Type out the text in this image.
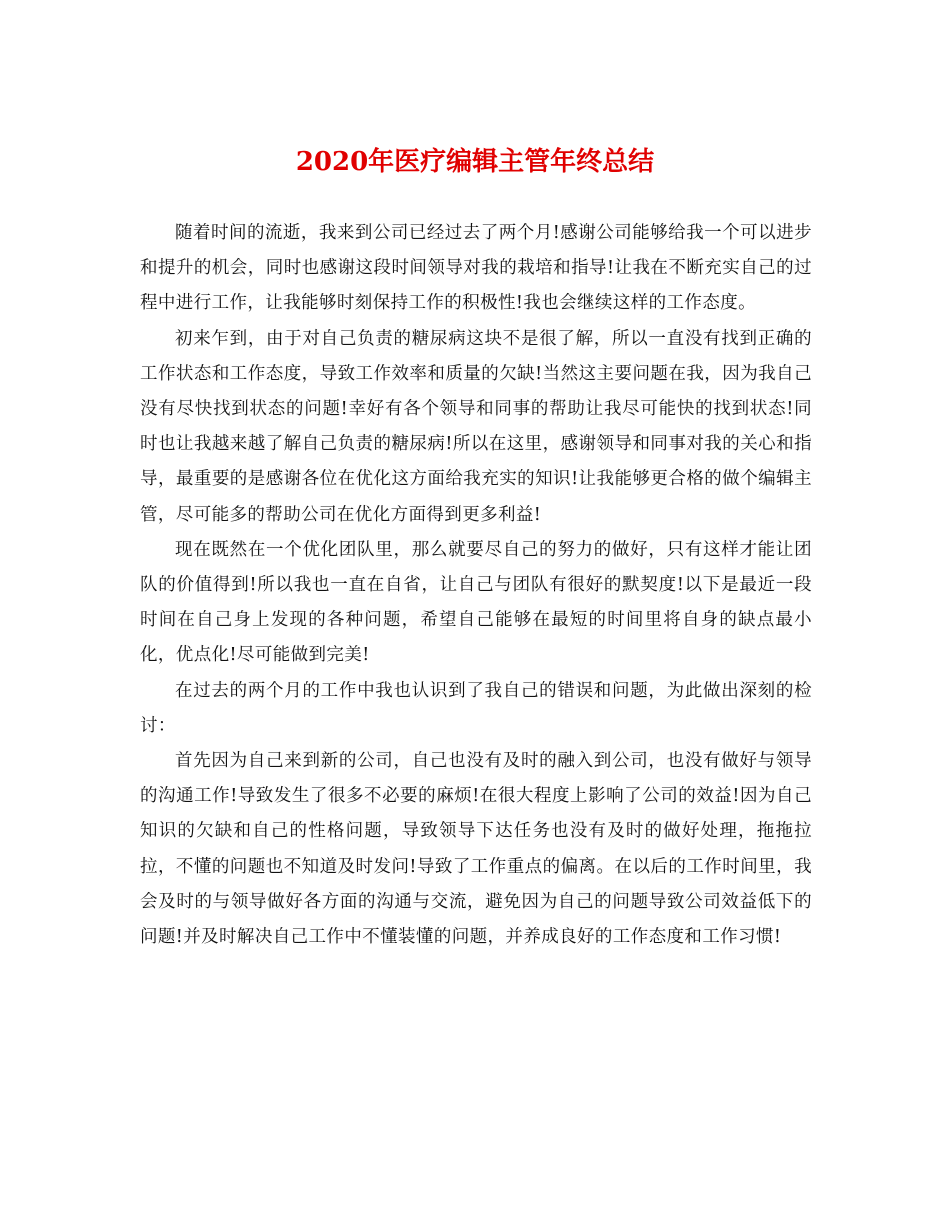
2020年医疗编辑主管年终总结

随着时间的流逝，我来到公司已经过去了两个月!感谢公司能够给我一个可以进步和提升的机会，同时也感谢这段时间领导对我的栽培和指导!让我在不断充实自己的过程中进行工作，让我能够时刻保持工作的积极性!我也会继续这样的工作态度。

初来乍到，由于对自己负责的糖尿病这块不是很了解，所以一直没有找到正确的工作状态和工作态度，导致工作效率和质量的欠缺!当然这主要问题在我，因为我自己没有尽快找到状态的问题!幸好有各个领导和同事的帮助让我尽可能快的找到状态!同时也让我越来越了解自己负责的糖尿病!所以在这里，感谢领导和同事对我的关心和指导，最重要的是感谢各位在优化这方面给我充实的知识!让我能够更合格的做个编辑主管，尽可能多的帮助公司在优化方面得到更多利益!

现在既然在一个优化团队里，那么就要尽自己的努力的做好，只有这样才能让团队的价值得到!所以我也一直在自省，让自己与团队有很好的默契度!以下是最近一段时间在自己身上发现的各种问题，希望自己能够在最短的时间里将自身的缺点最小化，优点化!尽可能做到完美!

在过去的两个月的工作中我也认识到了我自己的错误和问题，为此做出深刻的检讨：

首先因为自己来到新的公司，自己也没有及时的融入到公司，也没有做好与领导的沟通工作!导致发生了很多不必要的麻烦!在很大程度上影响了公司的效益!因为自己知识的欠缺和自己的性格问题，导致领导下达任务也没有及时的做好处理，拖拖拉拉，不懂的问题也不知道及时发问!导致了工作重点的偏离。在以后的工作时间里，我会及时的与领导做好各方面的沟通与交流，避免因为自己的问题导致公司效益低下的问题!并及时解决自己工作中不懂装懂的问题，并养成良好的工作态度和工作习惯!
